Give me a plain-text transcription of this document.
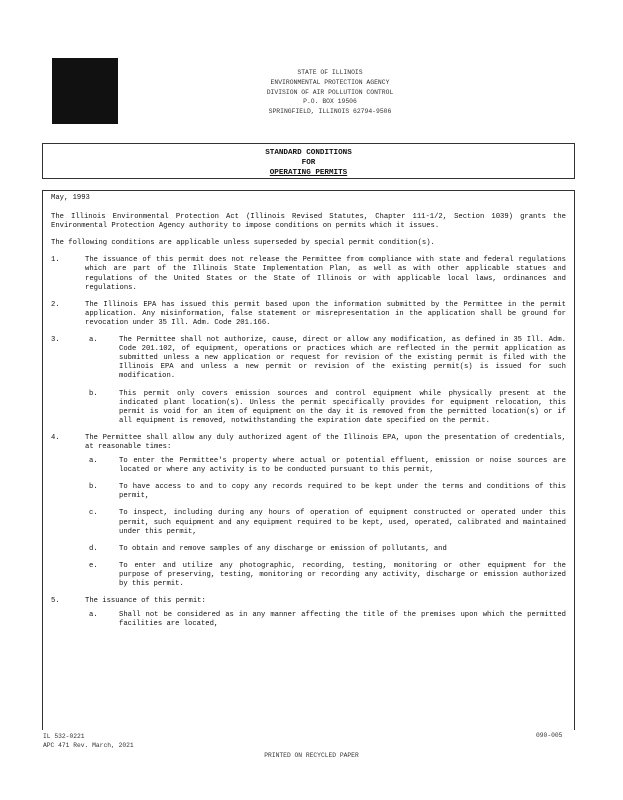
STATE OF ILLINOIS
ENVIRONMENTAL PROTECTION AGENCY
DIVISION OF AIR POLLUTION CONTROL
P.O. BOX 19506
SPRINGFIELD, ILLINOIS 62794-9506
STANDARD CONDITIONS
FOR
OPERATING PERMITS
May, 1993
The Illinois Environmental Protection Act (Illinois Revised Statutes, Chapter 111-1/2, Section 1039) grants the Environmental Protection Agency authority to impose conditions on permits which it issues.
The following conditions are applicable unless superseded by special permit condition(s).
1.	The issuance of this permit does not release the Permittee from compliance with state and federal regulations which are part of the Illinois State Implementation Plan, as well as with other applicable statues and regulations of the United States or the State of Illinois or with applicable local laws, ordinances and regulations.
2.	The Illinois EPA has issued this permit based upon the information submitted by the Permittee in the permit application. Any misinformation, false statement or misrepresentation in the application shall be ground for revocation under 35 Ill. Adm. Code 201.166.
3.	a.	The Permittee shall not authorize, cause, direct or allow any modification, as defined in 35 Ill. Adm. Code 201.102, of equipment, operations or practices which are reflected in the permit application as submitted unless a new application or request for revision of the existing permit is filed with the Illinois EPA and unless a new permit or revision of the existing permit(s) is issued for such modification.
b.	This permit only covers emission sources and control equipment while physically present at the indicated plant location(s). Unless the permit specifically provides for equipment relocation, this permit is void for an item of equipment on the day it is removed from the permitted location(s) or if all equipment is removed, notwithstanding the expiration date specified on the permit.
4.	The Permittee shall allow any duly authorized agent of the Illinois EPA, upon the presentation of credentials, at reasonable times:
a.	To enter the Permittee's property where actual or potential effluent, emission or noise sources are located or where any activity is to be conducted pursuant to this permit,
b.	To have access to and to copy any records required to be kept under the terms and conditions of this permit,
c.	To inspect, including during any hours of operation of equipment constructed or operated under this permit, such equipment and any equipment required to be kept, used, operated, calibrated and maintained under this permit,
d.	To obtain and remove samples of any discharge or emission of pollutants, and
e.	To enter and utilize any photographic, recording, testing, monitoring or other equipment for the purpose of preserving, testing, monitoring or recording any activity, discharge or emission authorized by this permit.
5.	The issuance of this permit:
a.	Shall not be considered as in any manner affecting the title of the premises upon which the permitted facilities are located,
IL 532-0221
APC 471 Rev. March, 2021
090-005
PRINTED ON RECYCLED PAPER
